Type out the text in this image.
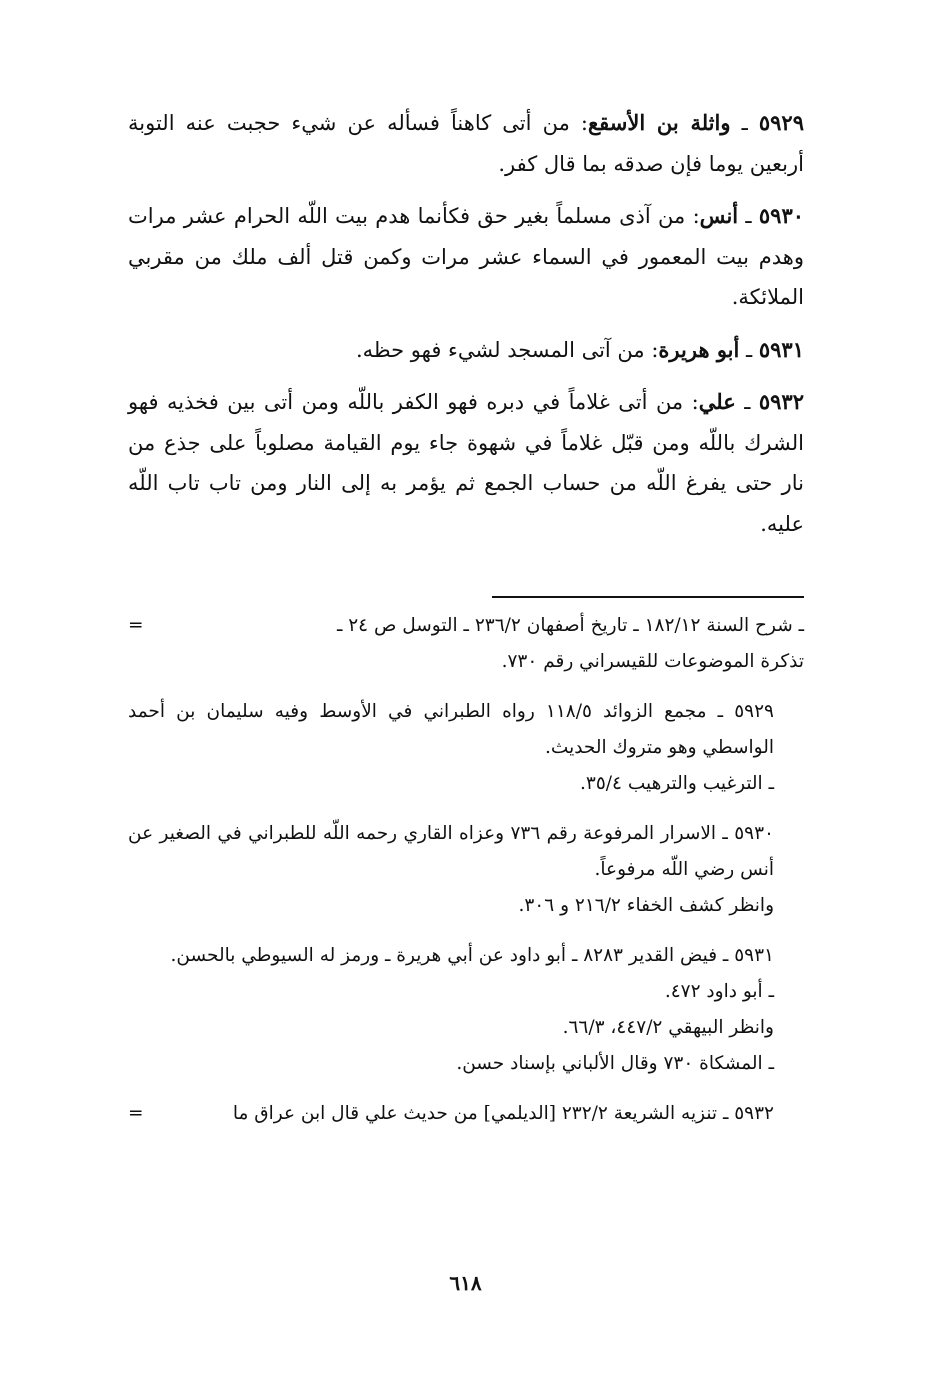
٥٩٢٩ ـ واثلة بن الأسقع: من أتى كاهناً فسأله عن شيء حجبت عنه التوبة أربعين يوما فإن صدقه بما قال كفر.

٥٩٣٠ ـ أنس: من آذى مسلماً بغير حق فكأنما هدم بيت اللّه الحرام عشر مرات وهدم بيت المعمور في السماء عشر مرات وكمن قتل ألف ملك من مقربي الملائكة.

٥٩٣١ ـ أبو هريرة: من آتى المسجد لشيء فهو حظه.

٥٩٣٢ ـ علي: من أتى غلاماً في دبره فهو الكفر باللّه ومن أتى بين فخذيه فهو الشرك باللّه ومن قبّل غلاماً في شهوة جاء يوم القيامة مصلوباً على جذع من نار حتى يفرغ اللّه من حساب الجمع ثم يؤمر به إلى النار ومن تاب تاب اللّه عليه.

ـ شرح السنة ١٨٢/١٢ ـ تاريخ أصفهان ٢٣٦/٢ ـ التوسل ص ٢٤ ـ
=

تذكرة الموضوعات للقيسراني رقم ٧٣٠.

٥٩٢٩ ـ مجمع الزوائد ١١٨/٥ رواه الطبراني في الأوسط وفيه سليمان بن أحمد الواسطي وهو متروك الحديث.

ـ الترغيب والترهيب ٣٥/٤.

٥٩٣٠ ـ الاسرار المرفوعة رقم ٧٣٦ وعزاه القاري رحمه اللّه للطبراني في الصغير عن أنس رضي اللّه مرفوعاً.

وانظر كشف الخفاء ٢١٦/٢ و ٣٠٦.

٥٩٣١ ـ فيض القدير ٨٢٨٣ ـ أبو داود عن أبي هريرة ـ ورمز له السيوطي بالحسن.

ـ أبو داود ٤٧٢.

وانظر البيهقي ٤٤٧/٢، ٦٦/٣.

ـ المشكاة ٧٣٠ وقال الألباني بإسناد حسن.

٥٩٣٢ ـ تنزيه الشريعة ٢٣٢/٢ [الديلمي] من حديث علي قال ابن عراق ما
=

٦١٨
